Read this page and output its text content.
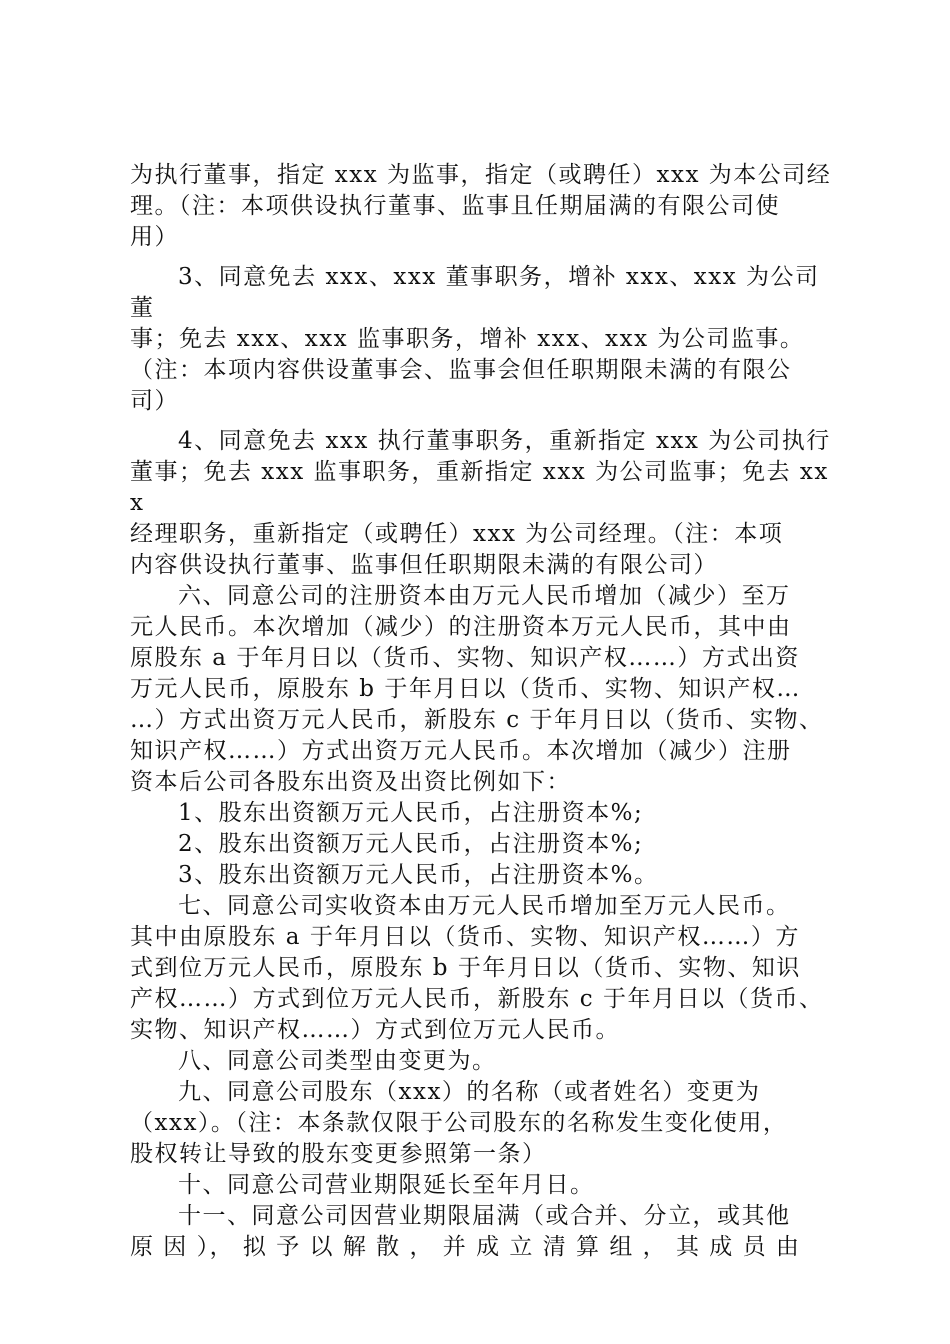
为执行董事，指定 xxx 为监事，指定（或聘任）xxx 为本公司经
理。（注：本项供设执行董事、监事且任期届满的有限公司使
用）

3、同意免去 xxx、xxx 董事职务，增补 xxx、xxx 为公司董
事；免去 xxx、xxx 监事职务，增补 xxx、xxx 为公司监事。
（注：本项内容供设董事会、监事会但任职期限未满的有限公
司）

4、同意免去 xxx 执行董事职务，重新指定 xxx 为公司执行
董事；免去 xxx 监事职务，重新指定 xxx 为公司监事；免去 xxx
经理职务，重新指定（或聘任）xxx 为公司经理。（注：本项
内容供设执行董事、监事但任职期限未满的有限公司）

六、同意公司的注册资本由万元人民币增加（减少）至万
元人民币。本次增加（减少）的注册资本万元人民币，其中由
原股东 a 于年月日以（货币、实物、知识产权……）方式出资
万元人民币，原股东 b 于年月日以（货币、实物、知识产权…
…）方式出资万元人民币，新股东 c 于年月日以（货币、实物、
知识产权……）方式出资万元人民币。本次增加（减少）注册
资本后公司各股东出资及出资比例如下：

1、股东出资额万元人民币，占注册资本%;

2、股东出资额万元人民币，占注册资本%;

3、股东出资额万元人民币，占注册资本%。

七、同意公司实收资本由万元人民币增加至万元人民币。
其中由原股东 a 于年月日以（货币、实物、知识产权……）方
式到位万元人民币，原股东 b 于年月日以（货币、实物、知识
产权……）方式到位万元人民币，新股东 c 于年月日以（货币、
实物、知识产权……）方式到位万元人民币。

八、同意公司类型由变更为。

九、同意公司股东（xxx）的名称（或者姓名）变更为
（xxx）。（注：本条款仅限于公司股东的名称发生变化使用，
股权转让导致的股东变更参照第一条）

十、同意公司营业期限延长至年月日。

十一、同意公司因营业期限届满（或合并、分立，或其他
原 因 ）， 拟 予 以 解 散 ， 并 成 立 清 算 组 ， 其 成 员 由
